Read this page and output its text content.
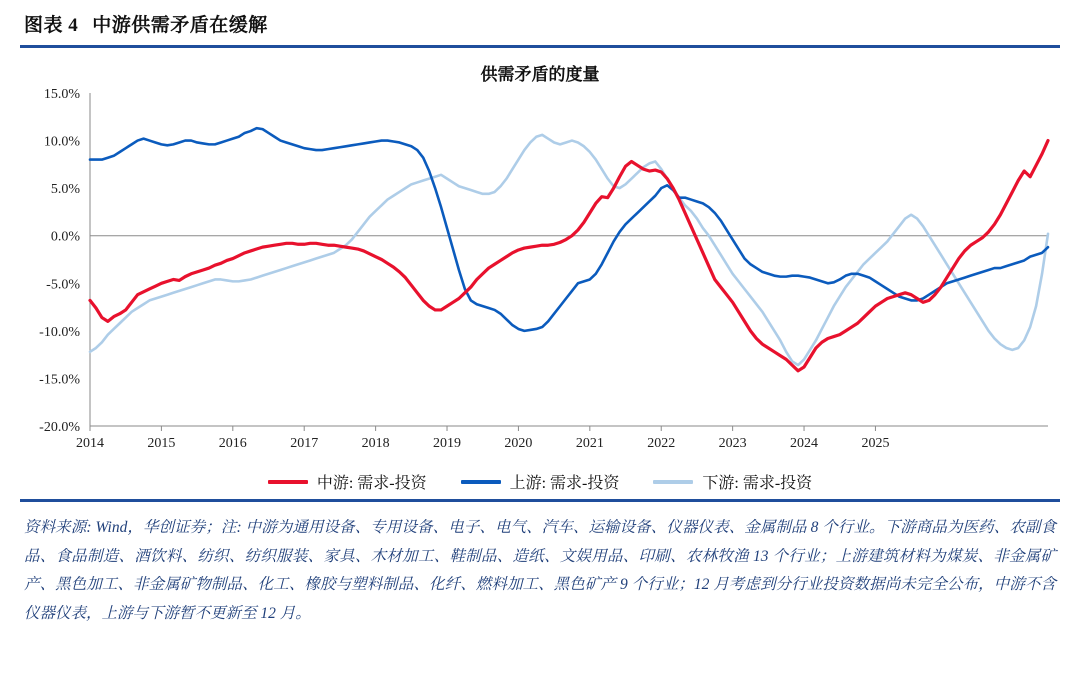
图表 4 中游供需矛盾在缓解
供需矛盾的度量
15.0%
10.0%
5.0%
0.0%
-5.0%
-10.0%
-15.0%
-20.0%
2014	2015	2016	2017	2018	2019	2020	2021	2022	2023	2024	2025
中游: 需求-投资	上游: 需求-投资	下游: 需求-投资
资料来源: Wind，华创证券；注: 中游为通用设备、专用设备、电子、电气、汽车、运输设备、仪器仪表、金属制品 8 个行业。下游商品为医药、农副食品、食品制造、酒饮料、纺织、纺织服装、家具、木材加工、鞋制品、造纸、文娱用品、印刷、农林牧渔 13 个行业；上游建筑材料为煤炭、非金属矿产、黑色加工、非金属矿物制品、化工、橡胶与塑料制品、化纤、燃料加工、黑色矿产 9 个行业；12 月考虑到分行业投资数据尚未完全公布，中游不含仪器仪表，上游与下游暂不更新至 12 月。
